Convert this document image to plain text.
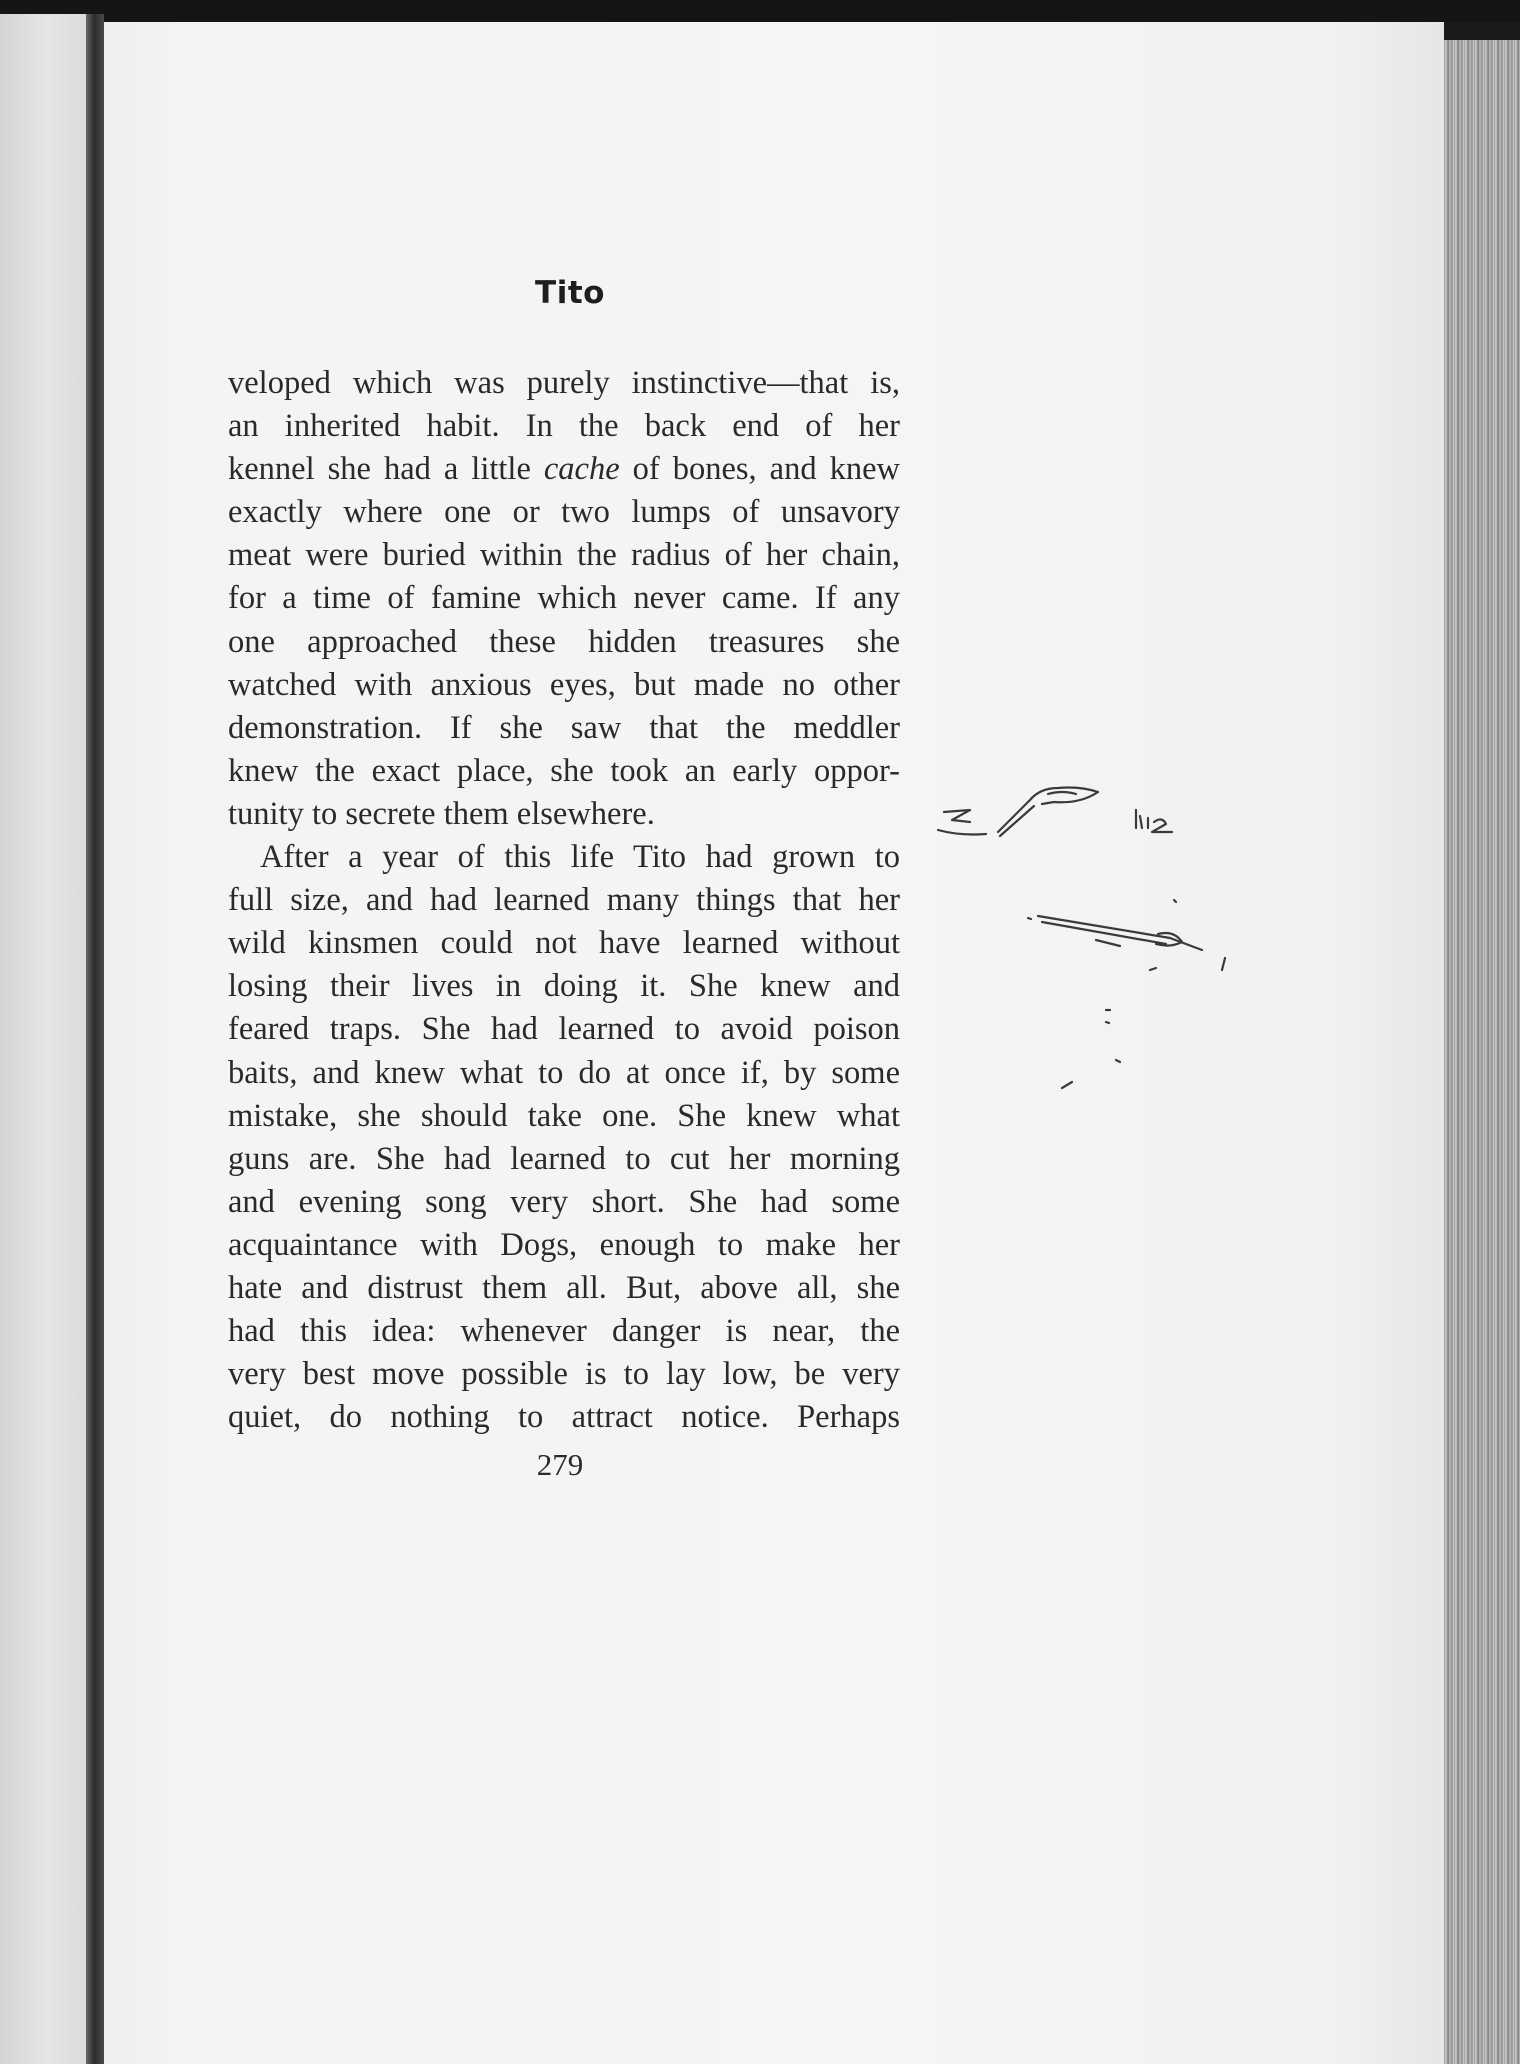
Tito
veloped which was purely instinctive—that is,
an inherited habit. In the back end of her
kennel she had a little cache of bones, and knew
exactly where one or two lumps of unsavory
meat were buried within the radius of her chain,
for a time of famine which never came. If any
one approached these hidden treasures she
watched with anxious eyes, but made no other
demonstration. If she saw that the meddler
knew the exact place, she took an early oppor-
tunity to secrete them elsewhere.
After a year of this life Tito had grown to
full size, and had learned many things that her
wild kinsmen could not have learned without
losing their lives in doing it. She knew and
feared traps. She had learned to avoid poison
baits, and knew what to do at once if, by some
mistake, she should take one. She knew what
guns are. She had learned to cut her morning
and evening song very short. She had some
acquaintance with Dogs, enough to make her
hate and distrust them all. But, above all, she
had this idea: whenever danger is near, the
very best move possible is to lay low, be very
quiet, do nothing to attract notice. Perhaps
279
